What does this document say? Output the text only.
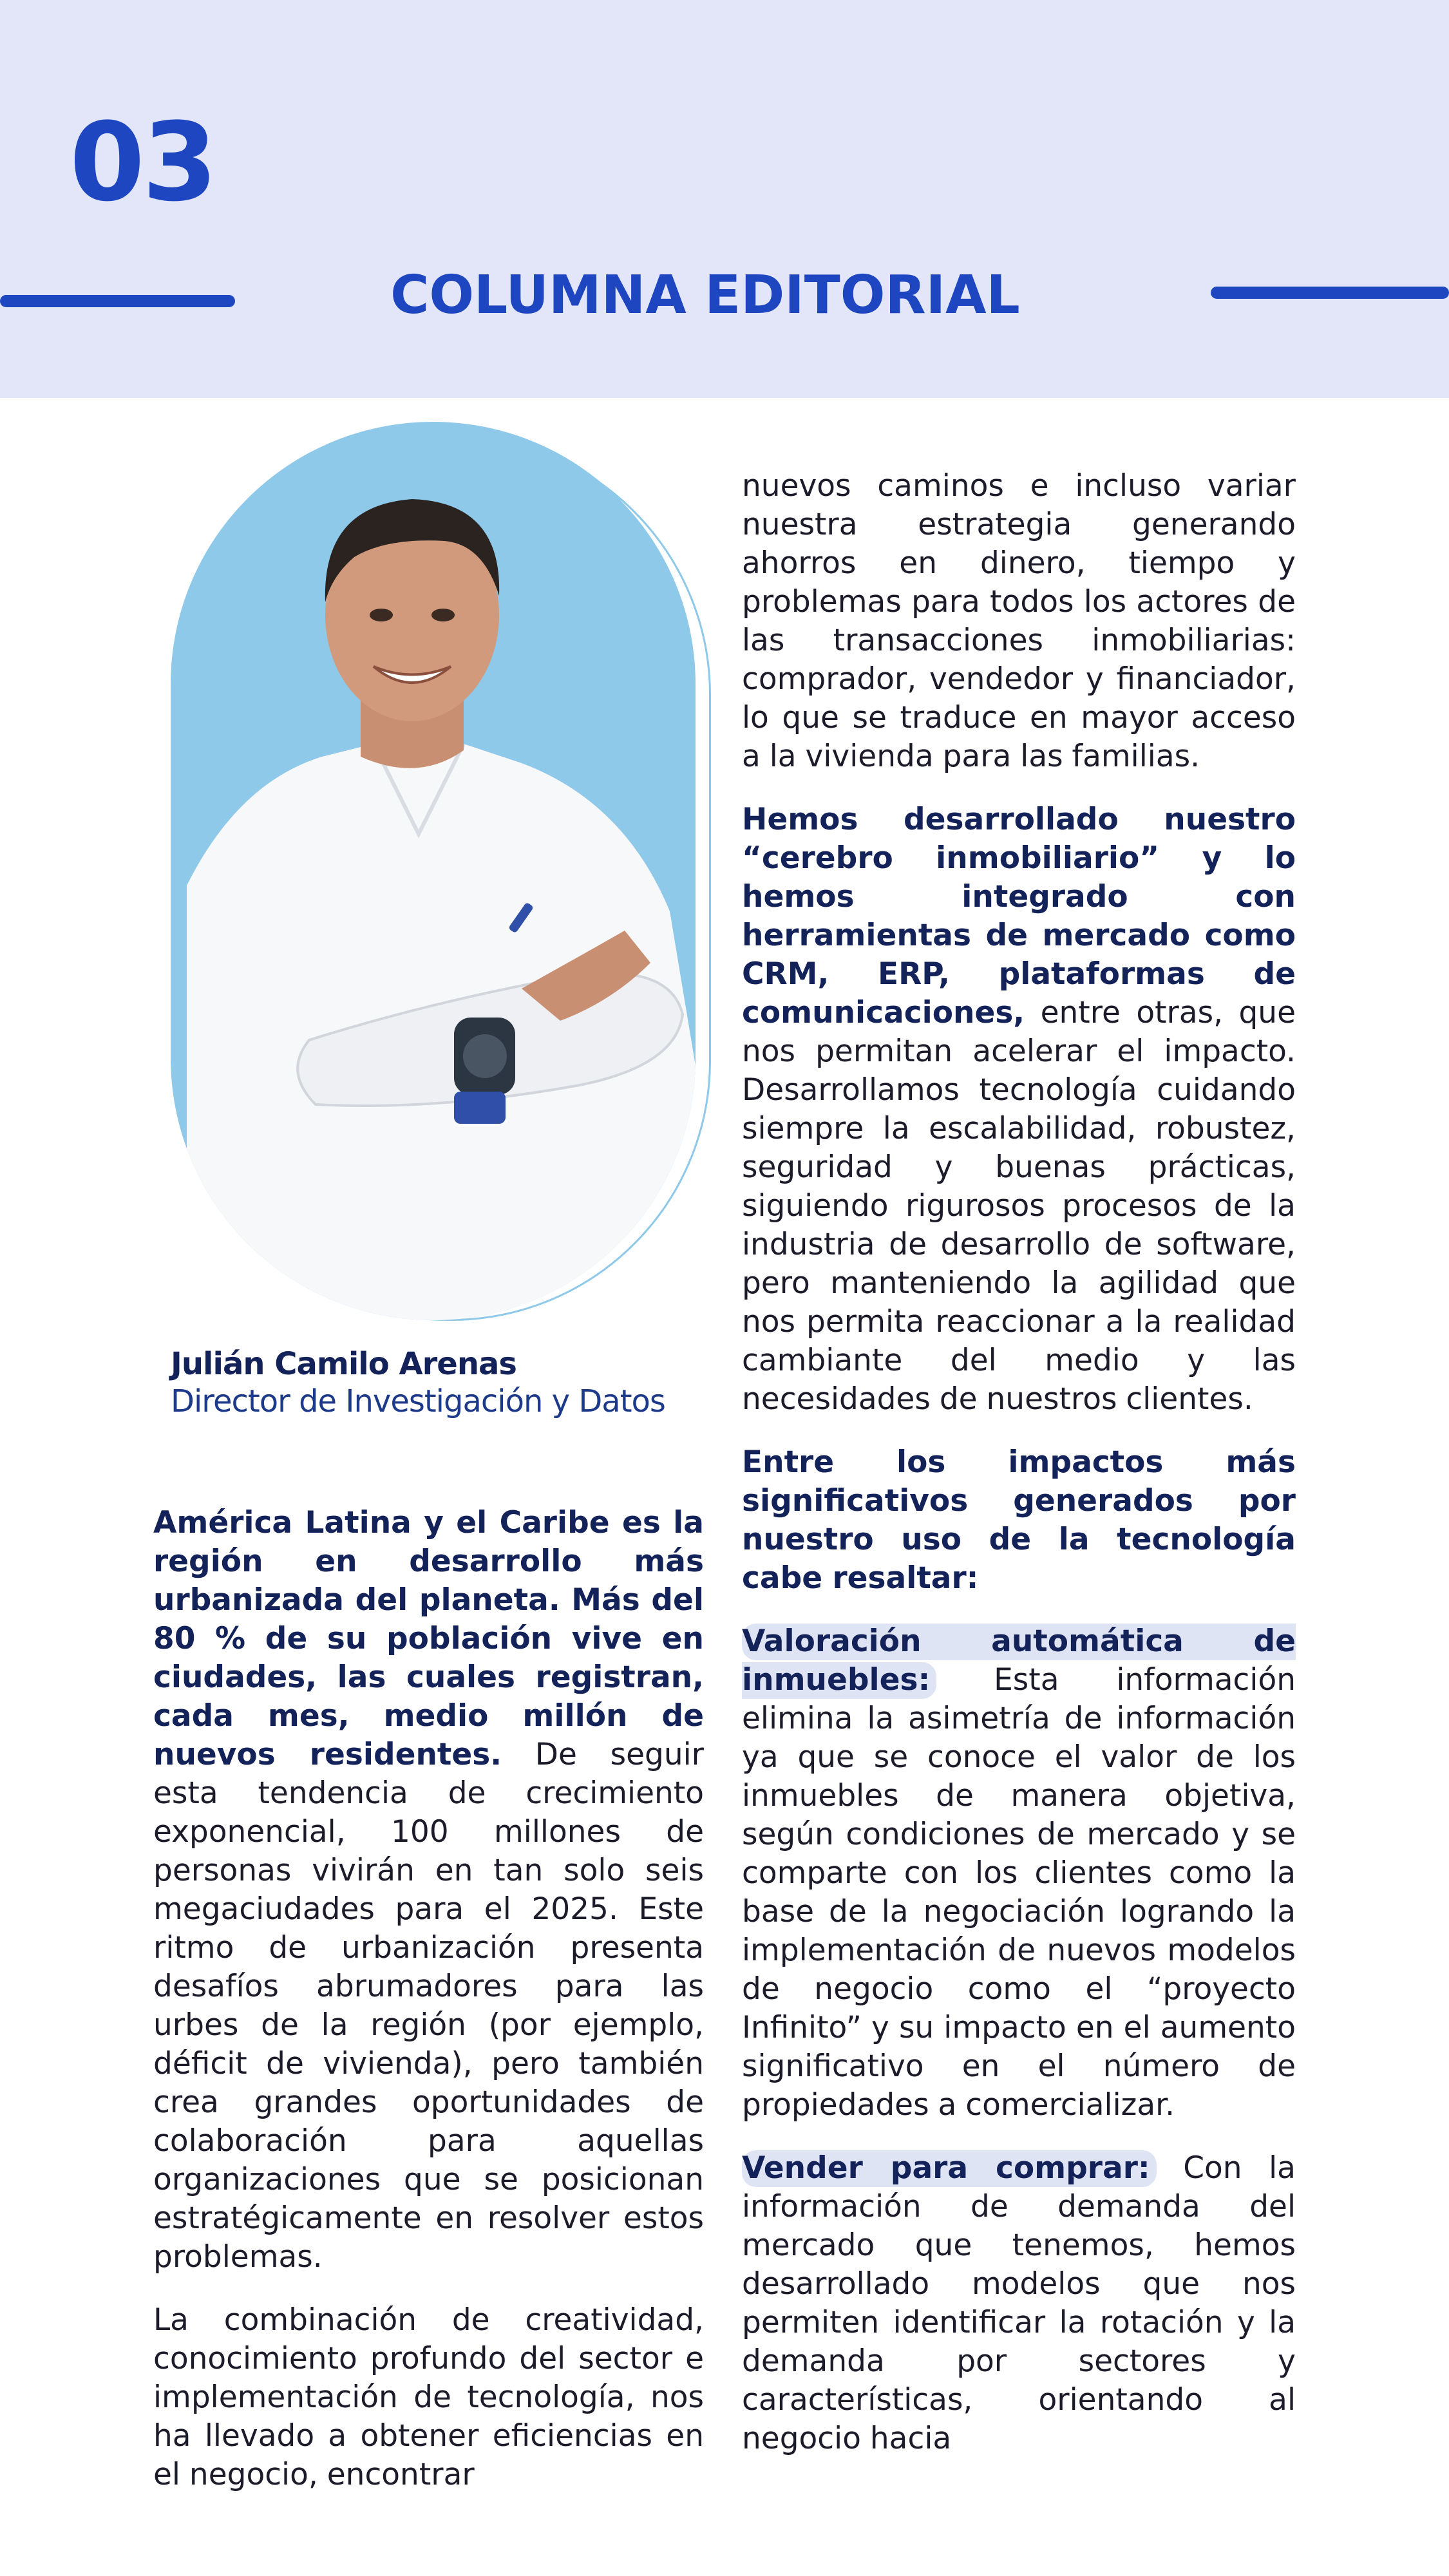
03
COLUMNA EDITORIAL
Julián Camilo Arenas
Director de Investigación y Datos

América Latina y el Caribe es la región en desarrollo más urbanizada del planeta. Más del 80 % de su población vive en ciudades, las cuales registran, cada mes, medio millón de nuevos residentes. De seguir esta tendencia de crecimiento exponencial, 100 millones de personas vivirán en tan solo seis megaciudades para el 2025. Este ritmo de urbanización presenta desafíos abrumadores para las urbes de la región (por ejemplo, déficit de vivienda), pero también crea grandes oportunidades de colaboración para aquellas organizaciones que se posicionan estratégicamente en resolver estos problemas.

La combinación de creatividad, conocimiento profundo del sector e implementación de tecnología, nos ha llevado a obtener eficiencias en el negocio, encontrar

nuevos caminos e incluso variar nuestra estrategia generando ahorros en dinero, tiempo y problemas para todos los actores de las transacciones inmobiliarias: comprador, vendedor y financiador, lo que se traduce en mayor acceso a la vivienda para las familias.

Hemos desarrollado nuestro “cerebro inmobiliario” y lo hemos integrado con herramientas de mercado como CRM, ERP, plataformas de comunicaciones, entre otras, que nos permitan acelerar el impacto. Desarrollamos tecnología cuidando siempre la escalabilidad, robustez, seguridad y buenas prácticas, siguiendo rigurosos procesos de la industria de desarrollo de software, pero manteniendo la agilidad que nos permita reaccionar a la realidad cambiante del medio y las necesidades de nuestros clientes.

Entre los impactos más significativos generados por nuestro uso de la tecnología cabe resaltar:

Valoración automática de inmuebles: Esta información elimina la asimetría de información ya que se conoce el valor de los inmuebles de manera objetiva, según condiciones de mercado y se comparte con los clientes como la base de la negociación logrando la implementación de nuevos modelos de negocio como el “proyecto Infinito” y su impacto en el aumento significativo en el número de propiedades a comercializar.

Vender para comprar: Con la información de demanda del mercado que tenemos, hemos desarrollado modelos que nos permiten identificar la rotación y la demanda por sectores y características, orientando al negocio hacia
